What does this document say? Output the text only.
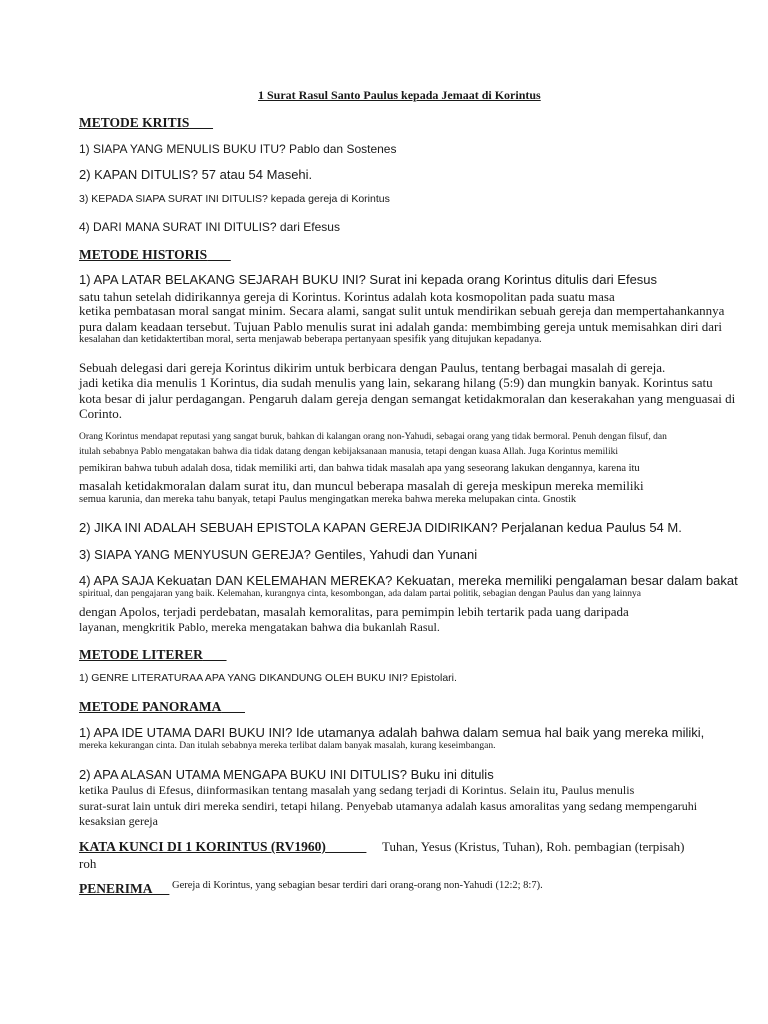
1 Surat Rasul Santo Paulus kepada Jemaat di Korintus
METODE KRITIS
1) SIAPA YANG MENULIS BUKU ITU? Pablo dan Sostenes
2) KAPAN DITULIS? 57 atau 54 Masehi.
3) KEPADA SIAPA SURAT INI DITULIS? kepada gereja di Korintus
4) DARI MANA SURAT INI DITULIS? dari Efesus
METODE HISTORIS
1) APA LATAR BELAKANG SEJARAH BUKU INI? Surat ini kepada orang Korintus ditulis dari Efesus
satu tahun setelah didirikannya gereja di Korintus. Korintus adalah kota kosmopolitan pada suatu masa
ketika pembatasan moral sangat minim. Secara alami, sangat sulit untuk mendirikan sebuah gereja dan mempertahankannya
pura dalam keadaan tersebut. Tujuan Pablo menulis surat ini adalah ganda: membimbing gereja untuk memisahkan diri dari
kesalahan dan ketidaktertiban moral, serta menjawab beberapa pertanyaan spesifik yang ditujukan kepadanya.
Sebuah delegasi dari gereja Korintus dikirim untuk berbicara dengan Paulus, tentang berbagai masalah di gereja.
jadi ketika dia menulis 1 Korintus, dia sudah menulis yang lain, sekarang hilang (5:9) dan mungkin banyak. Korintus satu
kota besar di jalur perdagangan. Pengaruh dalam gereja dengan semangat ketidakmoralan dan keserakahan yang menguasai di
Corinto.
Orang Korintus mendapat reputasi yang sangat buruk, bahkan di kalangan orang non-Yahudi, sebagai orang yang tidak bermoral. Penuh dengan filsuf, dan
itulah sebabnya Pablo mengatakan bahwa dia tidak datang dengan kebijaksanaan manusia, tetapi dengan kuasa Allah. Juga Korintus memiliki
pemikiran bahwa tubuh adalah dosa, tidak memiliki arti, dan bahwa tidak masalah apa yang seseorang lakukan dengannya, karena itu
masalah ketidakmoralan dalam surat itu, dan muncul beberapa masalah di gereja meskipun mereka memiliki
semua karunia, dan mereka tahu banyak, tetapi Paulus mengingatkan mereka bahwa mereka melupakan cinta. Gnostik
2) JIKA INI ADALAH SEBUAH EPISTOLA KAPAN GEREJA DIDIRIKAN? Perjalanan kedua Paulus 54 M.
3) SIAPA YANG MENYUSUN GEREJA? Gentiles, Yahudi dan Yunani
4) APA SAJA Kekuatan DAN KELEMAHAN MEREKA? Kekuatan, mereka memiliki pengalaman besar dalam bakat
spiritual, dan pengajaran yang baik. Kelemahan, kurangnya cinta, kesombongan, ada dalam partai politik, sebagian dengan Paulus dan yang lainnya
dengan Apolos, terjadi perdebatan, masalah kemoralitas, para pemimpin lebih tertarik pada uang daripada
layanan, mengkritik Pablo, mereka mengatakan bahwa dia bukanlah Rasul.
METODE LITERER
1) GENRE LITERATURAA APA YANG DIKANDUNG OLEH BUKU INI? Epistolari.
METODE PANORAMA
1) APA IDE UTAMA DARI BUKU INI? Ide utamanya adalah bahwa dalam semua hal baik yang mereka miliki,
mereka kekurangan cinta. Dan itulah sebabnya mereka terlibat dalam banyak masalah, kurang keseimbangan.
2) APA ALASAN UTAMA MENGAPA BUKU INI DITULIS? Buku ini ditulis
ketika Paulus di Efesus, diinformasikan tentang masalah yang sedang terjadi di Korintus. Selain itu, Paulus menulis
surat-surat lain untuk diri mereka sendiri, tetapi hilang. Penyebab utamanya adalah kasus amoralitas yang sedang mempengaruhi
kesaksian gereja
KATA KUNCI DI 1 KORINTUS (RV1960)	Tuhan, Yesus (Kristus, Tuhan), Roh. pembagian (terpisah)
roh
PENERIMA	Gereja di Korintus, yang sebagian besar terdiri dari orang-orang non-Yahudi (12:2; 8:7).
